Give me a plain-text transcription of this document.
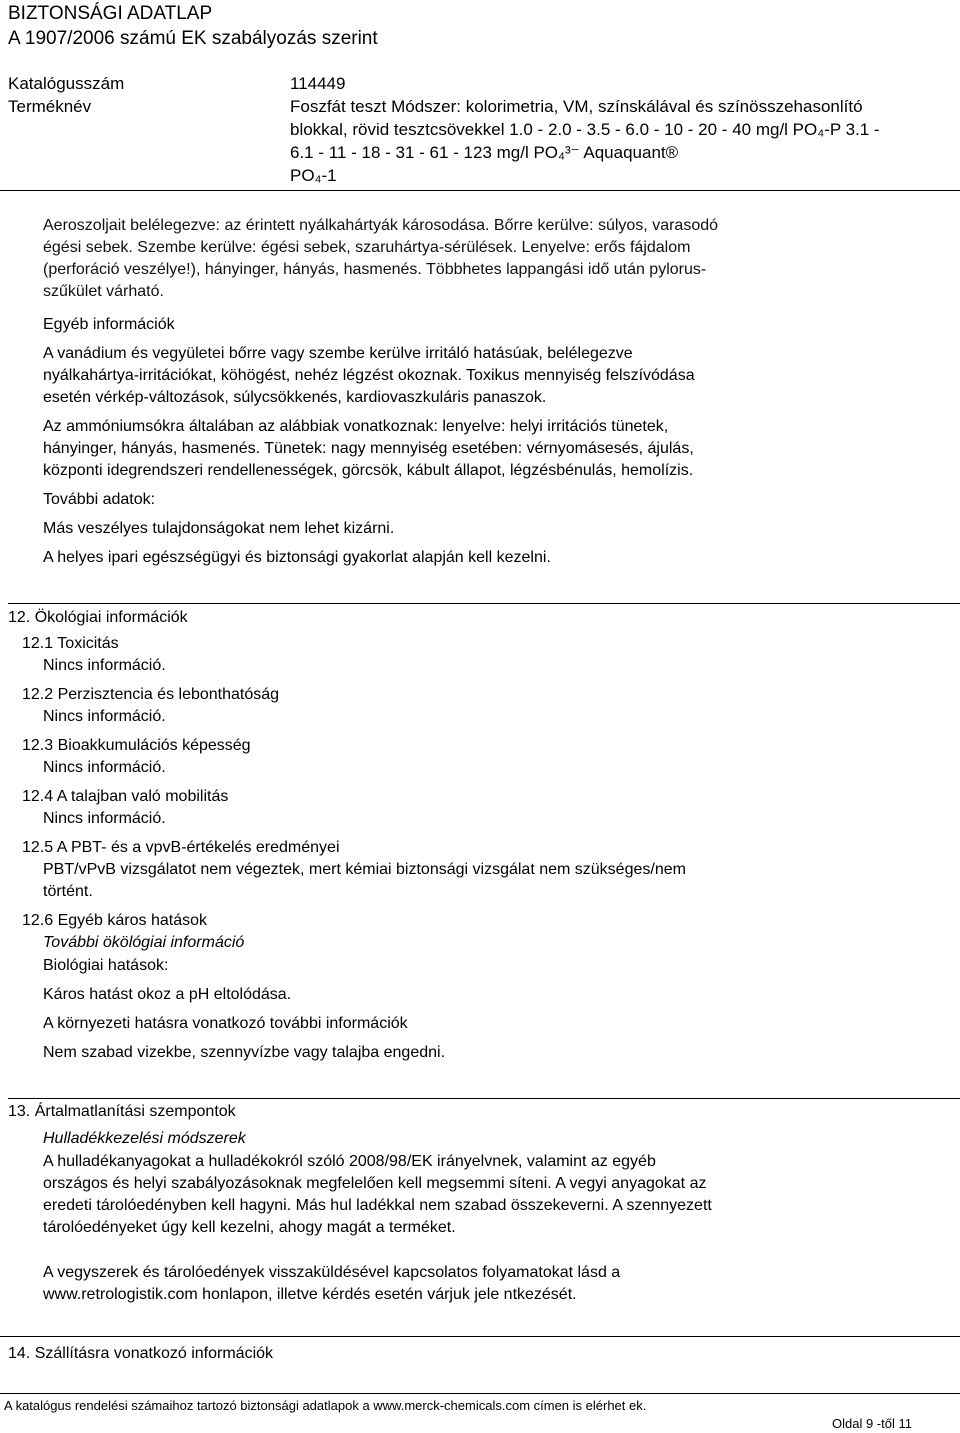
BIZTONSÁGI ADATLAP
A 1907/2006 számú EK szabályozás szerint
Katalógusszám	114449
Terméknév	Foszfát teszt Módszer: kolorimetria, VM, színskálával és színösszehasonlító
blokkal, rövid tesztcsövekkel 1.0 - 2.0 - 3.5 - 6.0 - 10 - 20 - 40 mg/l PO₄-P 3.1 -
6.1 - 11 - 18 - 31 - 61 - 123 mg/l PO₄³⁻ Aquaquant®
PO₄-1
Aeroszoljait belélegezve: az érintett nyálkahártyák károsodása. Bőrre kerülve: súlyos, varasodó
égési sebek. Szembe kerülve: égési sebek, szaruhártya-sérülések. Lenyelve: erős fájdalom
(perforáció veszélye!), hányinger, hányás, hasmenés. Többhetes lappangási idő után pylorus-
szűkület várható.
Egyéb információk
A vanádium és vegyületei bőrre vagy szembe kerülve irritáló hatásúak, belélegezve
nyálkahártya-irritációkat, köhögést, nehéz légzést okoznak. Toxikus mennyiség felszívódása
esetén vérkép-változások, súlycsökkenés, kardiovaszkuláris panaszok.
Az ammóniumsókra általában az alábbiak vonatkoznak: lenyelve: helyi irritációs tünetek,
hányinger, hányás, hasmenés. Tünetek: nagy mennyiség esetében: vérnyomásesés, ájulás,
központi idegrendszeri rendellenességek, görcsök, kábult állapot, légzésbénulás, hemolízis.
További adatok:
Más veszélyes tulajdonságokat nem lehet kizárni.
A helyes ipari egészségügyi és biztonsági gyakorlat alapján kell kezelni.
12. Ökológiai információk
12.1 Toxicitás
Nincs információ.
12.2 Perzisztencia és lebonthatóság
Nincs információ.
12.3 Bioakkumulációs képesség
Nincs információ.
12.4 A talajban való mobilitás
Nincs információ.
12.5 A PBT- és a vpvB-értékelés eredményei
PBT/vPvB vizsgálatot nem végeztek, mert kémiai biztonsági vizsgálat nem szükséges/nem
történt.
12.6 Egyéb káros hatások
További ökölógiai információ
Biológiai hatások:
Káros hatást okoz a pH eltolódása.
A környezeti hatásra vonatkozó további információk
Nem szabad vizekbe, szennyvízbe vagy talajba engedni.
13. Ártalmatlanítási szempontok
Hulladékkezelési módszerek
A hulladékanyagokat a hulladékokról szóló 2008/98/EK irányelvnek, valamint az egyéb
országos és helyi szabályozásoknak megfelelően kell megsemmi síteni. A vegyi anyagokat az
eredeti tárolóedényben kell hagyni. Más hul ladékkal nem szabad összekeverni. A szennyezett
tárolóedényeket úgy kell kezelni, ahogy magát a terméket.
A vegyszerek és tárolóedények visszaküldésével kapcsolatos folyamatokat lásd a
www.retrologistik.com honlapon, illetve kérdés esetén várjuk jele ntkezését.
14. Szállításra vonatkozó információk
A katalógus rendelési számaihoz tartozó biztonsági adatlapok a www.merck-chemicals.com címen is elérhet ek.
Oldal 9 -től 11
